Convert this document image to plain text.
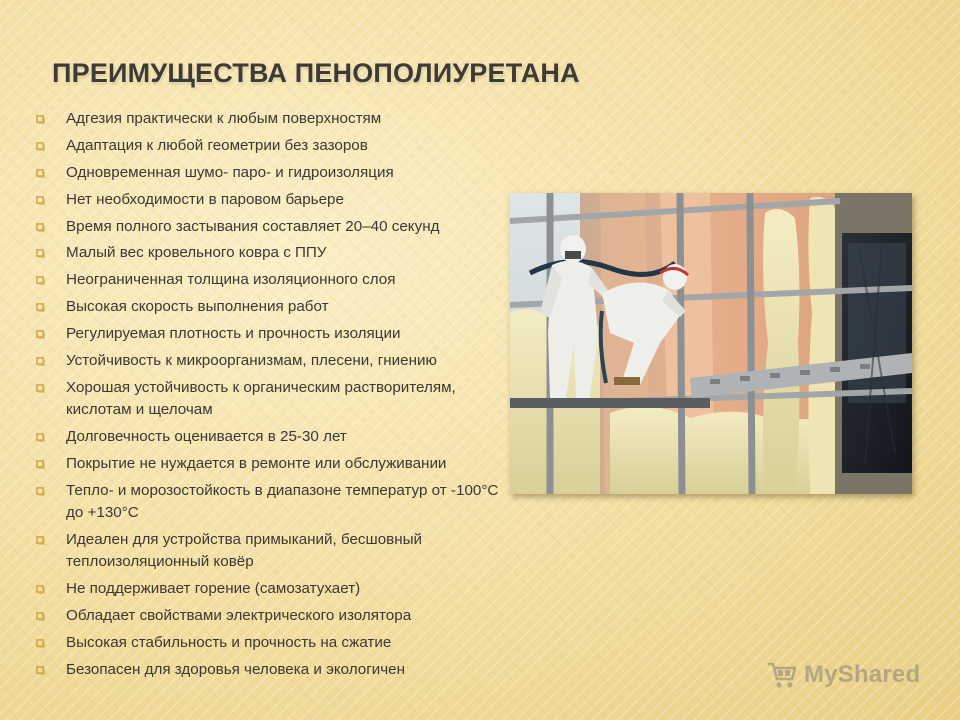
ПРЕИМУЩЕСТВА ПЕНОПОЛИУРЕТАНА
Адгезия практически к любым поверхностям
Адаптация к любой геометрии без зазоров
Одновременная шумо- паро- и гидроизоляция
Нет необходимости в паровом барьере
Время полного застывания составляет 20–40 секунд
Малый вес кровельного ковра с ППУ
Неограниченная толщина изоляционного слоя
Высокая скорость выполнения работ
Регулируемая плотность и прочность изоляции
Устойчивость к микроорганизмам, плесени, гниению
Хорошая устойчивость к органическим растворителям, кислотам и щелочам
Долговечность оценивается в 25-30 лет
Покрытие не нуждается в ремонте или обслуживании
Тепло- и морозостойкость в диапазоне температур от -100°С до +130°С
Идеален для устройства примыканий, бесшовный теплоизоляционный ковёр
Не поддерживает горение (самозатухает)
Обладает свойствами электрического изолятора
Высокая стабильность и прочность на сжатие
Безопасен для здоровья человека и экологичен	MyShared
